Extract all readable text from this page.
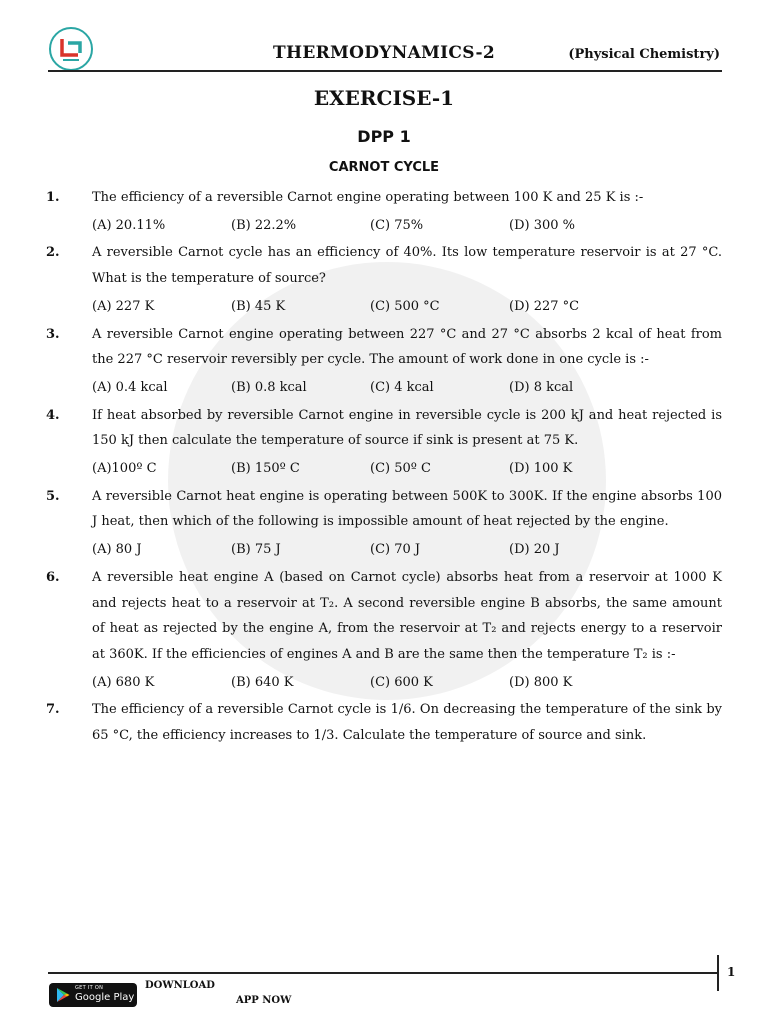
THERMODYNAMICS-2	(Physical Chemistry)
EXERCISE-1
DPP 1
CARNOT CYCLE
1. The efficiency of a reversible Carnot engine operating between 100 K and 25 K is :-
(A) 20.11%	(B) 22.2%	(C) 75%	(D) 300 %
2. A reversible Carnot cycle has an efficiency of 40%. Its low temperature reservoir is at 27 °C. What is the temperature of source?
(A) 227 K	(B) 45 K	(C) 500 °C	(D) 227 °C
3. A reversible Carnot engine operating between 227 °C and 27 °C absorbs 2 kcal of heat from the 227 °C reservoir reversibly per cycle. The amount of work done in one cycle is :-
(A) 0.4 kcal	(B) 0.8 kcal	(C) 4 kcal	(D) 8 kcal
4. If heat absorbed by reversible Carnot engine in reversible cycle is 200 kJ and heat rejected is 150 kJ then calculate the temperature of source if sink is present at 75 K.
(A)100º C	(B) 150º C	(C) 50º C	(D) 100 K
5. A reversible Carnot heat engine is operating between 500K to 300K. If the engine absorbs 100 J heat, then which of the following is impossible amount of heat rejected by the engine.
(A) 80 J	(B) 75 J	(C) 70 J	(D) 20 J
6. A reversible heat engine A (based on Carnot cycle) absorbs heat from a reservoir at 1000 K and rejects heat to a reservoir at T₂. A second reversible engine B absorbs, the same amount of heat as rejected by the engine A, from the reservoir at T₂ and rejects energy to a reservoir at 360K. If the efficiencies of engines A and B are the same then the temperature T₂ is :-
(A) 680 K	(B) 640 K	(C) 600 K	(D) 800 K
7. The efficiency of a reversible Carnot cycle is 1/6. On decreasing the temperature of the sink by 65 °C, the efficiency increases to 1/3. Calculate the temperature of source and sink.
1
GET IT ON
Google Play
DOWNLOAD
APP NOW
